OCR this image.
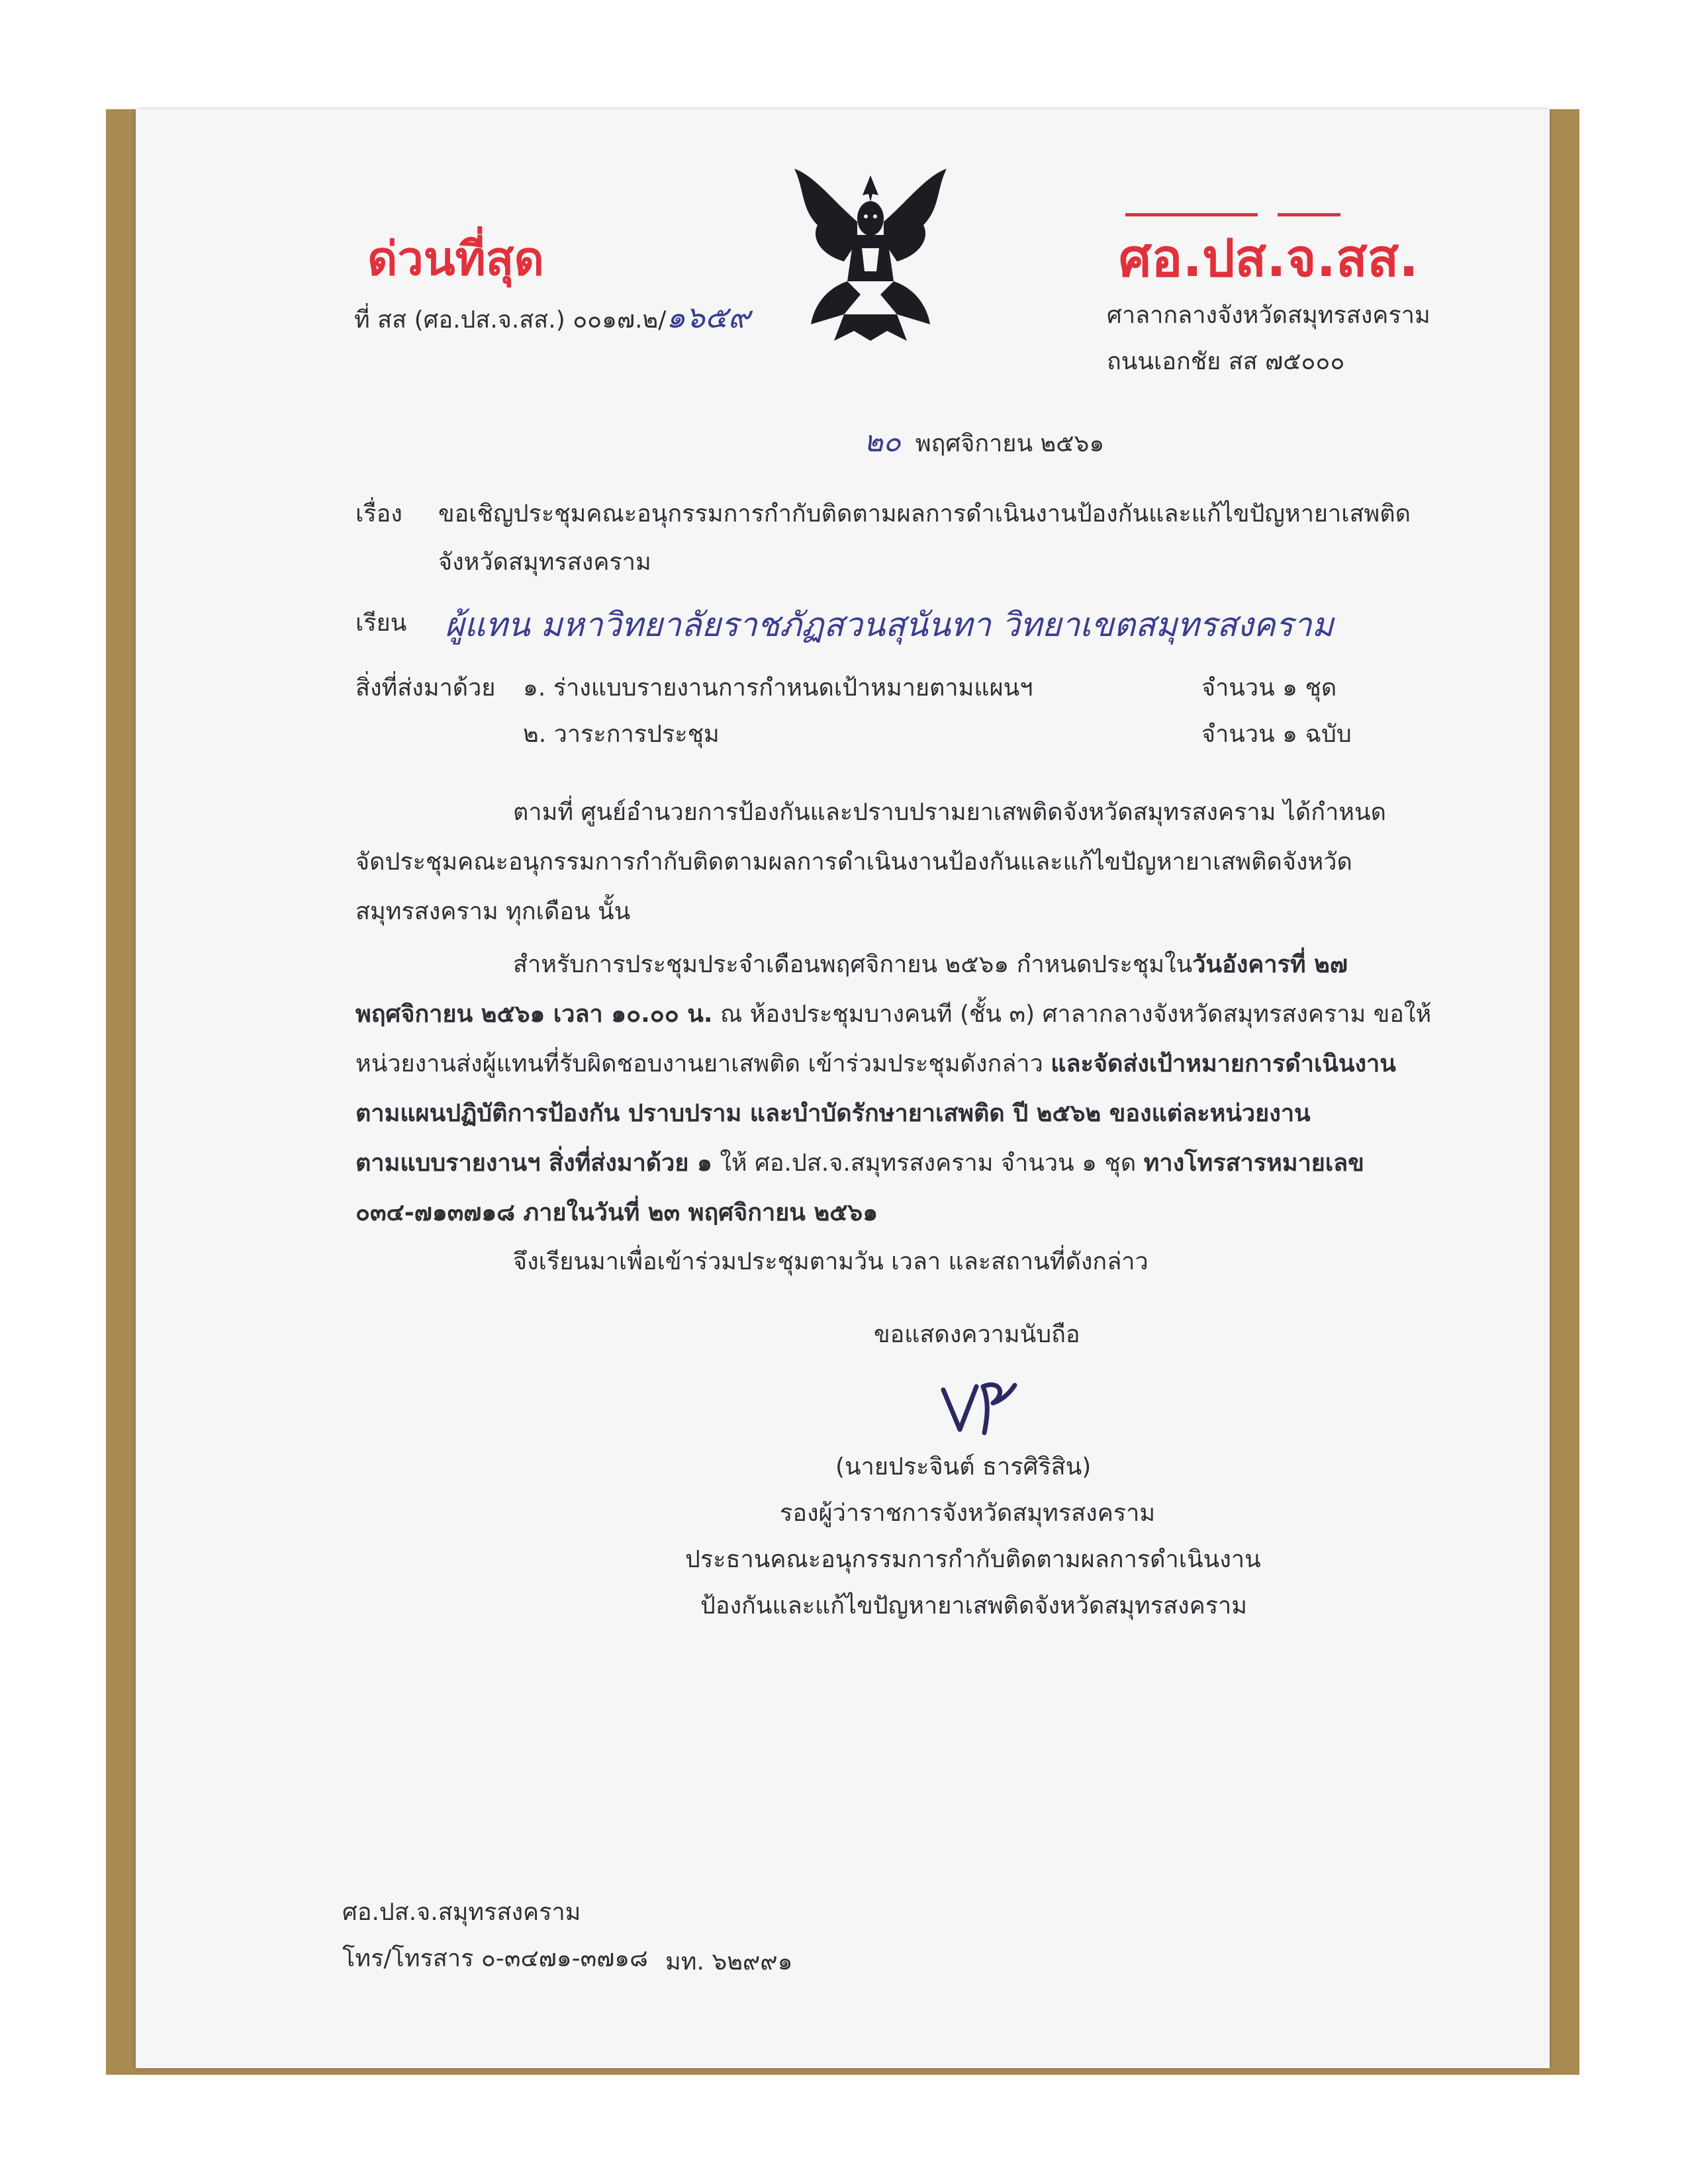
ด่วนที่สุด
ที่ สส (ศอ.ปส.จ.สส.) ๐๐๑๗.๒/๑๖๕๙
ศอ.ปส.จ.สส.
ศาลากลางจังหวัดสมุทรสงคราม
ถนนเอกชัย สส ๗๕๐๐๐
๒๐ พฤศจิกายน ๒๕๖๑
เรื่อง ขอเชิญประชุมคณะอนุกรรมการกำกับติดตามผลการดำเนินงานป้องกันและแก้ไขปัญหายาเสพติด
จังหวัดสมุทรสงคราม
เรียน ผู้แทน มหาวิทยาลัยราชภัฏสวนสุนันทา วิทยาเขตสมุทรสงคราม
สิ่งที่ส่งมาด้วย ๑. ร่างแบบรายงานการกำหนดเป้าหมายตามแผนฯ	จำนวน ๑ ชุด
๒. วาระการประชุม	จำนวน ๑ ฉบับ
ตามที่ ศูนย์อำนวยการป้องกันและปราบปรามยาเสพติดจังหวัดสมุทรสงคราม ได้กำหนด
จัดประชุมคณะอนุกรรมการกำกับติดตามผลการดำเนินงานป้องกันและแก้ไขปัญหายาเสพติดจังหวัด
สมุทรสงคราม ทุกเดือน นั้น
สำหรับการประชุมประจำเดือนพฤศจิกายน ๒๕๖๑ กำหนดประชุมในวันอังคารที่ ๒๗
พฤศจิกายน ๒๕๖๑ เวลา ๑๐.๐๐ น. ณ ห้องประชุมบางคนที (ชั้น ๓) ศาลากลางจังหวัดสมุทรสงคราม ขอให้
หน่วยงานส่งผู้แทนที่รับผิดชอบงานยาเสพติด เข้าร่วมประชุมดังกล่าว และจัดส่งเป้าหมายการดำเนินงาน
ตามแผนปฏิบัติการป้องกัน ปราบปราม และบำบัดรักษายาเสพติด ปี ๒๕๖๒ ของแต่ละหน่วยงาน
ตามแบบรายงานฯ สิ่งที่ส่งมาด้วย ๑ ให้ ศอ.ปส.จ.สมุทรสงคราม จำนวน ๑ ชุด ทางโทรสารหมายเลข
๐๓๔-๗๑๓๗๑๘ ภายในวันที่ ๒๓ พฤศจิกายน ๒๕๖๑
จึงเรียนมาเพื่อเข้าร่วมประชุมตามวัน เวลา และสถานที่ดังกล่าว
ขอแสดงความนับถือ
(นายประจินต์ ธารศิริสิน)
รองผู้ว่าราชการจังหวัดสมุทรสงคราม
ประธานคณะอนุกรรมการกำกับติดตามผลการดำเนินงาน
ป้องกันและแก้ไขปัญหายาเสพติดจังหวัดสมุทรสงคราม
ศอ.ปส.จ.สมุทรสงคราม
โทร/โทรสาร ๐-๓๔๗๑-๓๗๑๘ มท. ๖๒๙๙๑
